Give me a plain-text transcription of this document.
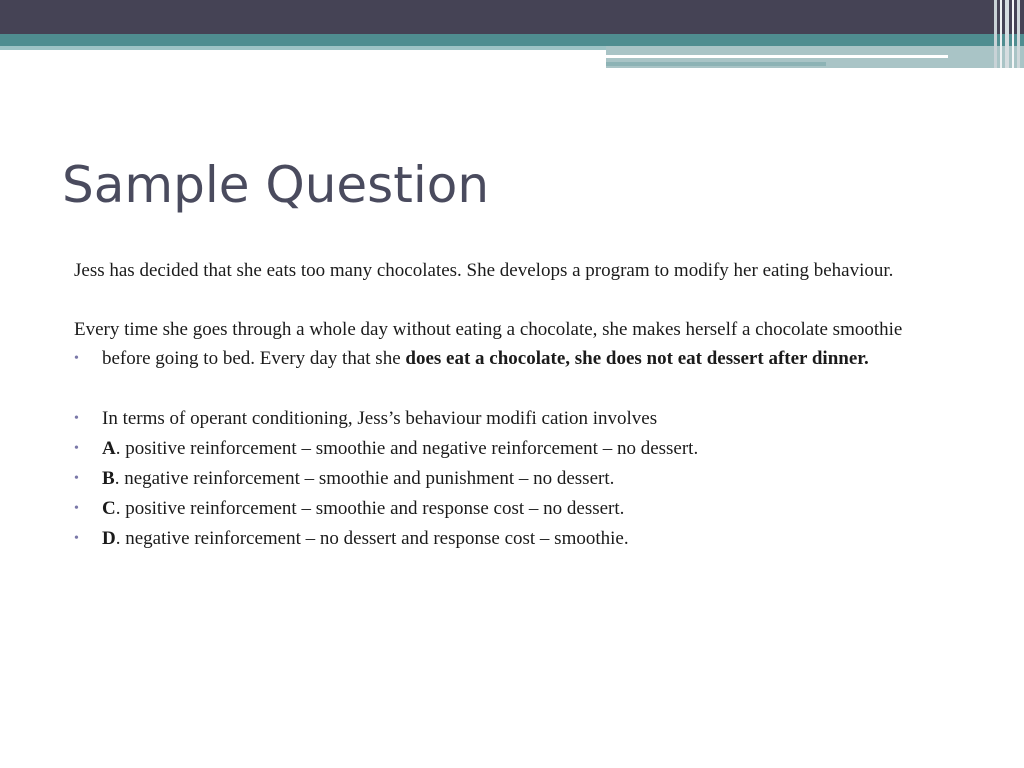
Sample Question

Jess has decided that she eats too many chocolates. She develops a program to modify her eating behaviour.

Every time she goes through a whole day without eating a chocolate, she makes herself a chocolate smoothie

• before going to bed. Every day that she does eat a chocolate, she does not eat dessert after dinner.
• In terms of operant conditioning, Jess’s behaviour modifi cation involves
• A. positive reinforcement – smoothie and negative reinforcement – no dessert.
• B. negative reinforcement – smoothie and punishment – no dessert.
• C. positive reinforcement – smoothie and response cost – no dessert.
• D. negative reinforcement – no dessert and response cost – smoothie.
